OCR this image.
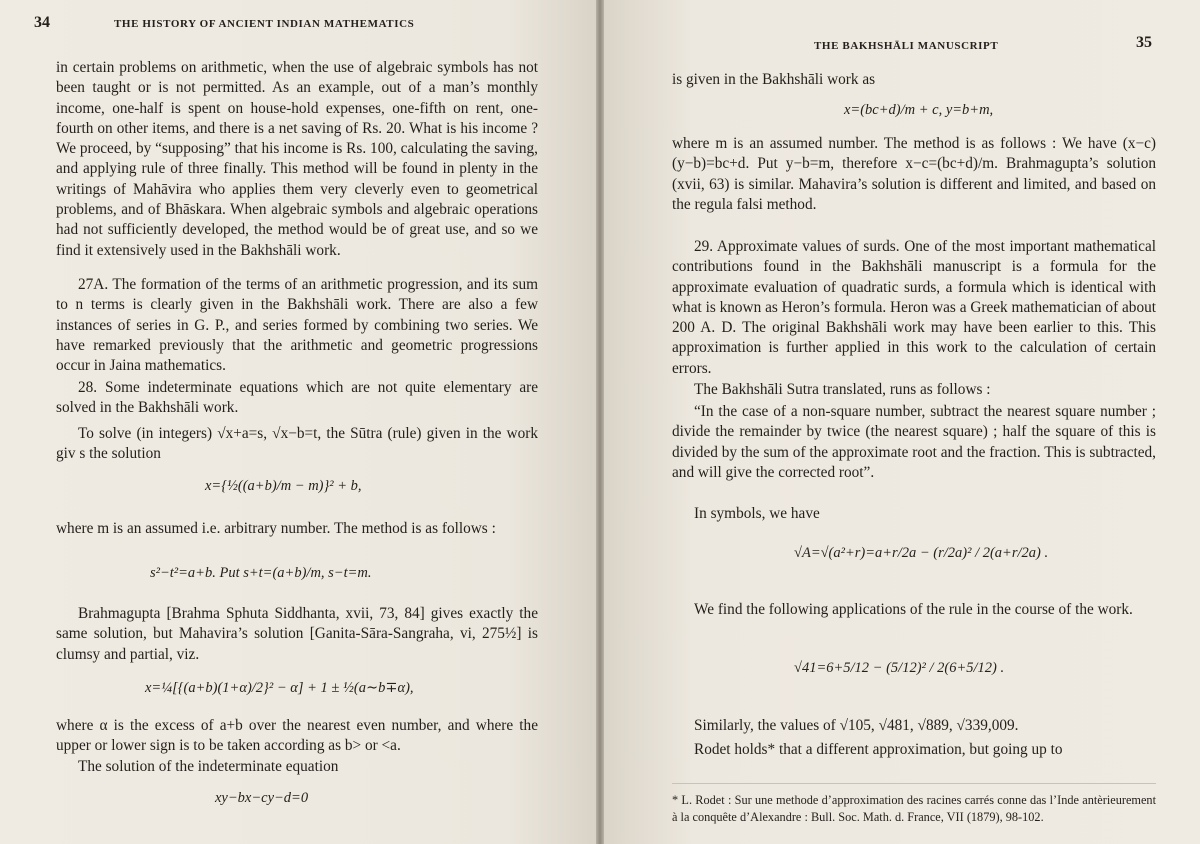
34	THE HISTORY OF ANCIENT INDIAN MATHEMATICS

in certain problems on arithmetic, when the use of algebraic symbols has not been taught or is not permitted. As an example, out of a man’s monthly income, one-half is spent on house-hold expenses, one-fifth on rent, one-fourth on other items, and there is a net saving of Rs. 20. What is his income ? We proceed, by “supposing” that his income is Rs. 100, calculating the saving, and applying rule of three finally. This method will be found in plenty in the writings of Mahāvira who applies them very cleverly even to geometrical problems, and of Bhāskara. When algebraic symbols and algebraic operations had not sufficiently developed, the method would be of great use, and so we find it extensively used in the Bakhshāli work.

27A. The formation of the terms of an arithmetic progression, and its sum to n terms is clearly given in the Bakhshāli work. There are also a few instances of series in G. P., and series formed by combining two series. We have remarked previously that the arithmetic and geometric progressions occur in Jaina mathematics.

28. Some indeterminate equations which are not quite elementary are solved in the Bakhshāli work.

To solve (in integers) √x+a=s, √x−b=t, the Sūtra (rule) given in the work giv s the solution

x={½((a+b)/m − m)}² + b,

where m is an assumed i.e. arbitrary number. The method is as follows :

s²−t²=a+b. Put s+t=(a+b)/m, s−t=m.

Brahmagupta [Brahma Sphuta Siddhanta, xvii, 73, 84] gives exactly the same solution, but Mahavira’s solution [Ganita-Sāra-Sangraha, vi, 275½] is clumsy and partial, viz.

x=¼[{(a+b)(1+α)/2}² − α] + 1 ± ½(a∼b∓α),

where α is the excess of a+b over the nearest even number, and where the upper or lower sign is to be taken according as b> or <a.

The solution of the indeterminate equation

xy−bx−cy−d=0
THE BAKHSHĀLI MANUSCRIPT	35

is given in the Bakhshāli work as

x=(bc+d)/m + c, y=b+m,

where m is an assumed number. The method is as follows : We have (x−c)(y−b)=bc+d. Put y−b=m, therefore x−c=(bc+d)/m. Brahmagupta’s solution (xvii, 63) is similar. Mahavira’s solution is different and limited, and based on the regula falsi method.

29. Approximate values of surds. One of the most important mathematical contributions found in the Bakhshāli manuscript is a formula for the approximate evaluation of quadratic surds, a formula which is identical with what is known as Heron’s formula. Heron was a Greek mathematician of about 200 A. D. The original Bakhshāli work may have been earlier to this. This approximation is further applied in this work to the calculation of certain errors.

The Bakhshāli Sutra translated, runs as follows :

“In the case of a non-square number, subtract the nearest square number ; divide the remainder by twice (the nearest square) ; half the square of this is divided by the sum of the approximate root and the fraction. This is subtracted, and will give the corrected root”.

In symbols, we have

√A=√(a²+r)=a+r/2a − (r/2a)² / 2(a+r/2a) .

We find the following applications of the rule in the course of the work.

√41=6+5/12 − (5/12)² / 2(6+5/12) .

Similarly, the values of √105, √481, √889, √339,009.

Rodet holds* that a different approximation, but going up to

* L. Rodet : Sur une methode d’approximation des racines carrés conne das l’Inde antèrieurement à la conquête d’Alexandre : Bull. Soc. Math. d. France, VII (1879), 98-102.
